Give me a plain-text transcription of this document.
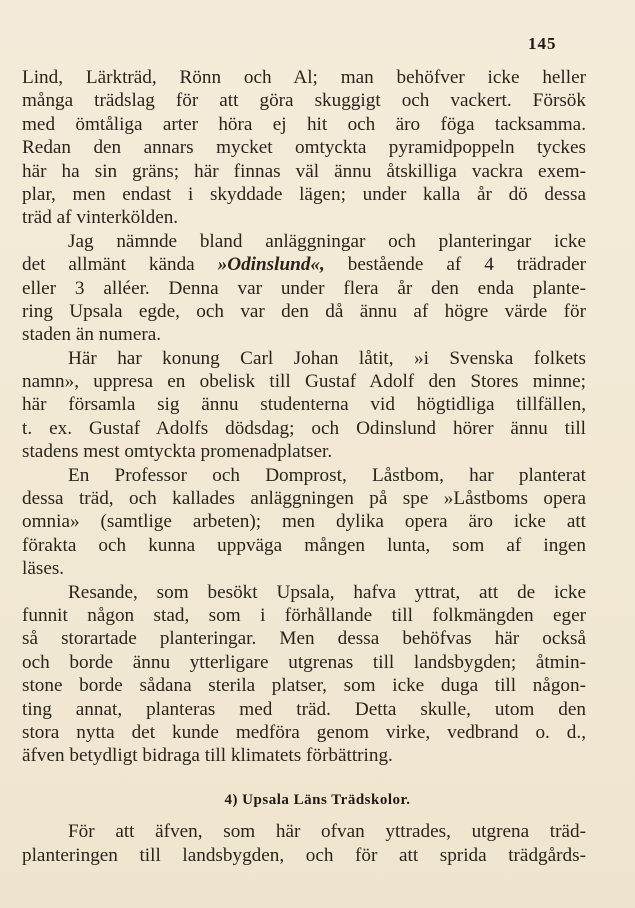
145
Lind, Lärkträd, Rönn och Al; man behöfver icke heller
många trädslag för att göra skuggigt och vackert. Försök
med ömtåliga arter höra ej hit och äro föga tacksamma.
Redan den annars mycket omtyckta pyramidpoppeln tyckes
här ha sin gräns; här finnas väl ännu åtskilliga vackra exem-
plar, men endast i skyddade lägen; under kalla år dö dessa
träd af vinterkölden.
Jag nämnde bland anläggningar och planteringar icke
det allmänt kända »Odinslund«, bestående af 4 trädrader
eller 3 alléer. Denna var under flera år den enda plante-
ring Upsala egde, och var den då ännu af högre värde för
staden än numera.
Här har konung Carl Johan låtit, »i Svenska folkets
namn», uppresa en obelisk till Gustaf Adolf den Stores minne;
här församla sig ännu studenterna vid högtidliga tillfällen,
t. ex. Gustaf Adolfs dödsdag; och Odinslund hörer ännu till
stadens mest omtyckta promenadplatser.
En Professor och Domprost, Låstbom, har planterat
dessa träd, och kallades anläggningen på spe »Låstboms opera
omnia» (samtlige arbeten); men dylika opera äro icke att
förakta och kunna uppväga mången lunta, som af ingen
läses.
Resande, som besökt Upsala, hafva yttrat, att de icke
funnit någon stad, som i förhållande till folkmängden eger
så storartade planteringar. Men dessa behöfvas här också
och borde ännu ytterligare utgrenas till landsbygden; åtmin-
stone borde sådana sterila platser, som icke duga till någon-
ting annat, planteras med träd. Detta skulle, utom den
stora nytta det kunde medföra genom virke, vedbrand o. d.,
äfven betydligt bidraga till klimatets förbättring.
4) Upsala Läns Trädskolor.
För att äfven, som här ofvan yttrades, utgrena träd-
planteringen till landsbygden, och för att sprida trädgårds-
